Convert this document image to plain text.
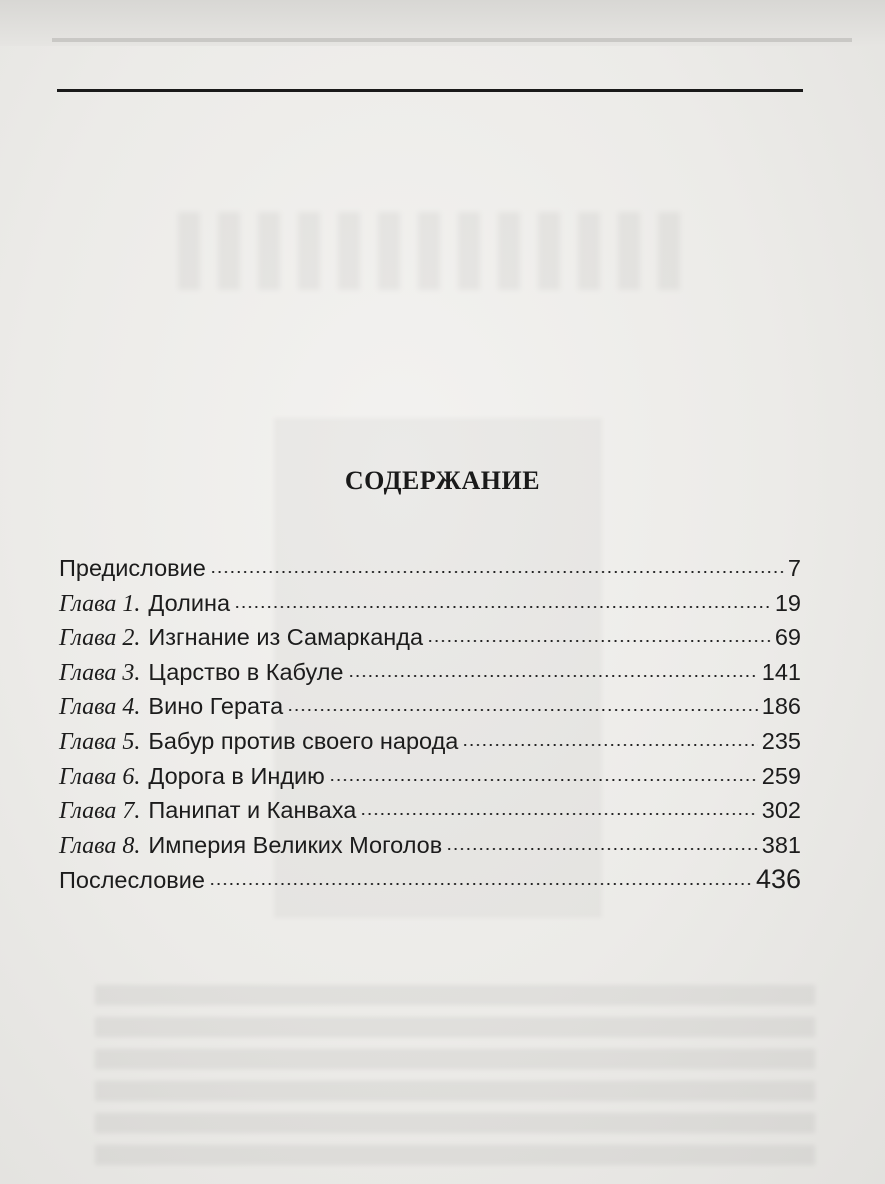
СОДЕРЖАНИЕ
Предисловие	7
Глава 1. Долина	19
Глава 2. Изгнание из Самарканда	69
Глава 3. Царство в Кабуле	141
Глава 4. Вино Герата	186
Глава 5. Бабур против своего народа	235
Глава 6. Дорога в Индию	259
Глава 7. Панипат и Канваха	302
Глава 8. Империя Великих Моголов	381
Послесловие	436
